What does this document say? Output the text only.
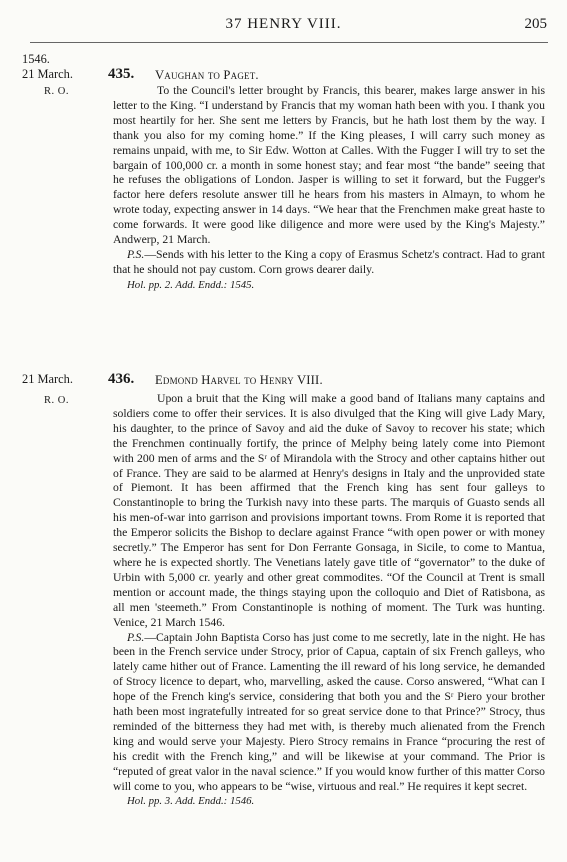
37 HENRY VIII.	205
1546.
21 March.	435. Vaughan to Paget.
R. O.	To the Council's letter brought by Francis, this bearer, makes large answer in his letter to the King. “I understand by Francis that my woman hath been with you. I thank you most heartily for her. She sent me letters by Francis, but he hath lost them by the way. I thank you also for my coming home.” If the King pleases, I will carry such money as remains unpaid, with me, to Sir Edw. Wotton at Calles. With the Fugger I will try to set the bargain of 100,000 cr. a month in some honest stay; and fear most “the bande” seeing that he refuses the obligations of London. Jasper is willing to set it forward, but the Fugger's factor here defers resolute answer till he hears from his masters in Almayn, to whom he wrote today, expecting answer in 14 days. “We hear that the Frenchmen make great haste to come forwards. It were good like diligence and more were used by the King's Majesty.” Andwerp, 21 March.

P.S.—Sends with his letter to the King a copy of Erasmus Schetz's contract. Had to grant that he should not pay custom. Corn grows dearer daily.

Hol. pp. 2. Add. Endd.: 1545.

21 March.	436. Edmond Harvel to Henry VIII.
R. O.	Upon a bruit that the King will make a good band of Italians many captains and soldiers come to offer their services. It is also divulged that the King will give Lady Mary, his daughter, to the prince of Savoy and aid the duke of Savoy to recover his state; which the Frenchmen continually fortify, the prince of Melphy being lately come into Piemont with 200 men of arms and the Sʳ of Mirandola with the Strocy and other captains hither out of France. They are said to be alarmed at Henry's designs in Italy and the unprovided state of Piemont. It has been affirmed that the French king has sent four galleys to Constantinople to bring the Turkish navy into these parts. The marquis of Guasto sends all his men-of-war into garrison and provisions important towns. From Rome it is reported that the Emperor solicits the Bishop to declare against France “with open power or with money secretly.” The Emperor has sent for Don Ferrante Gonsaga, in Sicile, to come to Mantua, where he is expected shortly. The Venetians lately gave title of “governator” to the duke of Urbin with 5,000 cr. yearly and other great commodites. “Of the Council at Trent is small mention or account made, the things staying upon the colloquio and Diet of Ratisbona, as all men 'steemeth.” From Constantinople is nothing of moment. The Turk was hunting. Venice, 21 March 1546.

P.S.—Captain John Baptista Corso has just come to me secretly, late in the night. He has been in the French service under Strocy, prior of Capua, captain of six French galleys, who lately came hither out of France. Lamenting the ill reward of his long service, he demanded of Strocy licence to depart, who, marvelling, asked the cause. Corso answered, “What can I hope of the French king's service, considering that both you and the Sʳ Piero your brother hath been most ingratefully intreated for so great service done to that Prince?” Strocy, thus reminded of the bitterness they had met with, is thereby much alienated from the French king and would serve your Majesty. Piero Strocy remains in France “procuring the rest of his credit with the French king,” and will be likewise at your command. The Prior is “reputed of great valor in the naval science.” If you would know further of this matter Corso will come to you, who appears to be “wise, virtuous and real.” He requires it kept secret.

Hol. pp. 3. Add. Endd.: 1546.
